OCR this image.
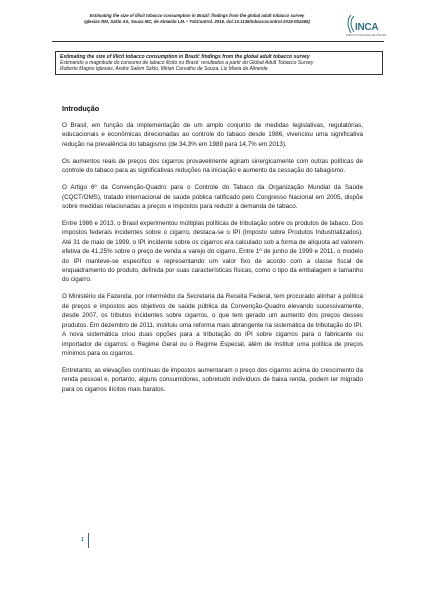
Estimating the size of illicit tobacco consumption in Brazil: findings from the global adult tobacco survey
Iglesias RM, Szklo AS, Souza MC, de Almeida LM. • TobControl. 2016. doi:10.1136/tobaccocontrol-2015-052465)
INCA
INSTITUTO NACIONAL DE CÂNCER
Estimating the size of illicit tobacco consumption in Brazil: findings from the global adult tobacco survey
Estimando a magnitude do consumo de tabaco ilícito no Brasil: resultados a partir do Global Adult Tobacco Survey
Roberto Magno Iglesias, André Salem Szklo, Mirian Carvalho de Souza, Liz Maria de Almeida
Introdução

O Brasil, em função da implementação de um amplo conjunto de medidas legislativas, regulatórias, educacionais e econômicas direcionadas ao controle do tabaco desde 1986, vivenciou uma significativa redução na prevalência do tabagismo (de 34,3% em 1989 para 14,7% em 2013).

Os aumentos reais de preços dos cigarros provavelmente agiram sinergicamente com outras políticas de controle do tabaco para as significativas reduções na iniciação e aumento da cessação do tabagismo.

O Artigo 6º da Convenção-Quadro para o Controle do Tabaco da Organização Mundial da Saúde (CQCT/OMS), tratado internacional de saúde pública ratificado pelo Congresso Nacional em 2005, dispõe sobre medidas relacionadas a preços e impostos para reduzir a demanda de tabaco.

Entre 1986 e 2013, o Brasil experimentou múltiplas políticas de tributação sobre os produtos de tabaco. Dos impostos federais incidentes sobre o cigarro, destaca-se o IPI (Imposto sobre Produtos Industrializados). Até 31 de maio de 1999, o IPI incidente sobre os cigarros era calculado sob a forma de alíquota ad valorem efetiva de 41,25% sobre o preço de venda a varejo do cigarro. Entre 1º de junho de 1999 e 2011, o modelo do IPI manteve-se específico e representando um valor fixo de acordo com a classe fiscal de enquadramento do produto, definida por suas características físicas, como o tipo da embalagem e tamanho do cigarro.

O Ministério da Fazenda, por intermédio da Secretaria da Receita Federal, tem procurado alinhar a política de preços e impostos aos objetivos de saúde pública da Convenção-Quadro elevando sucessivamente, desde 2007, os tributos incidentes sobre cigarros, o que tem gerado um aumento dos preços desses produtos. Em dezembro de 2011, instituiu uma reforma mais abrangente na sistemática de tributação do IPI. A nova sistemática criou duas opções para a tributação do IPI sobre cigarros para o fabricante ou importador de cigarros: o Regime Geral ou o Regime Especial, além de instituir uma política de preços mínimos para os cigarros.

Entretanto, as elevações contínuas de impostos aumentaram o preço dos cigarros acima do crescimento da renda pessoal e, portanto, alguns consumidores, sobretudo indivíduos de baixa renda, podem ter migrado para os cigarros ilícitos mais baratos.

1
